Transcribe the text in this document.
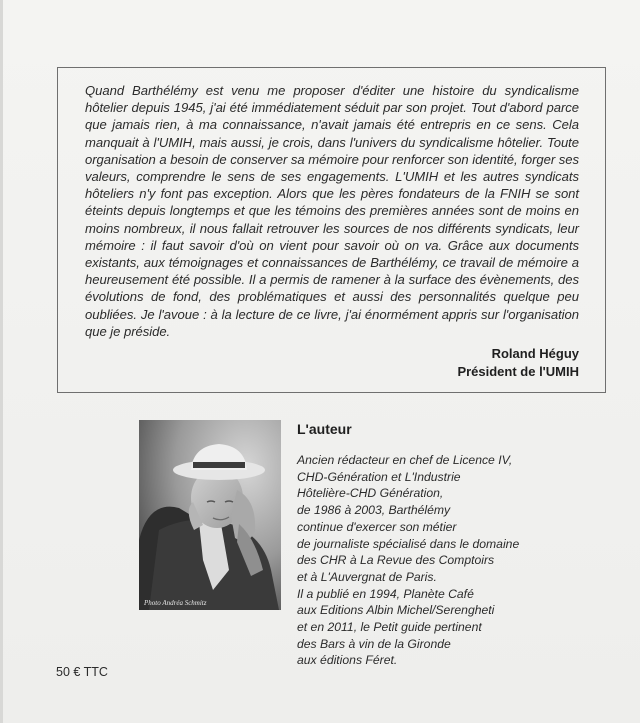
Quand Barthélémy est venu me proposer d'éditer une histoire du syndicalisme hôtelier depuis 1945, j'ai été immédiatement séduit par son projet. Tout d'abord parce que jamais rien, à ma connaissance, n'avait jamais été entrepris en ce sens. Cela manquait à l'UMIH, mais aussi, je crois, dans l'univers du syndicalisme hôtelier. Toute organisation a besoin de conserver sa mémoire pour renforcer son identité, forger ses valeurs, comprendre le sens de ses engagements. L'UMIH et les autres syndicats hôteliers n'y font pas exception. Alors que les pères fondateurs de la FNIH se sont éteints depuis longtemps et que les témoins des premières années sont de moins en moins nombreux, il nous fallait retrouver les sources de nos différents syndicats, leur mémoire : il faut savoir d'où on vient pour savoir où on va. Grâce aux documents existants, aux témoignages et connaissances de Barthélémy, ce travail de mémoire a heureusement été possible. Il a permis de ramener à la surface des évènements, des évolutions de fond, des problématiques et aussi des personnalités quelque peu oubliées. Je l'avoue : à la lecture de ce livre, j'ai énormément appris sur l'organisation que je préside.

Roland Héguy
Président de l'UMIH
Photo Andréa Schmitz
L'auteur
Ancien rédacteur en chef de Licence IV,
CHD-Génération et L'Industrie
Hôtelière-CHD Génération,
de 1986 à 2003, Barthélémy
continue d'exercer son métier
de journaliste spécialisé dans le domaine
des CHR à La Revue des Comptoirs
et à L'Auvergnat de Paris.
Il a publié en 1994, Planète Café
aux Editions Albin Michel/Serengheti
et en 2011, le Petit guide pertinent
des Bars à vin de la Gironde
aux éditions Féret.
50 € TTC
